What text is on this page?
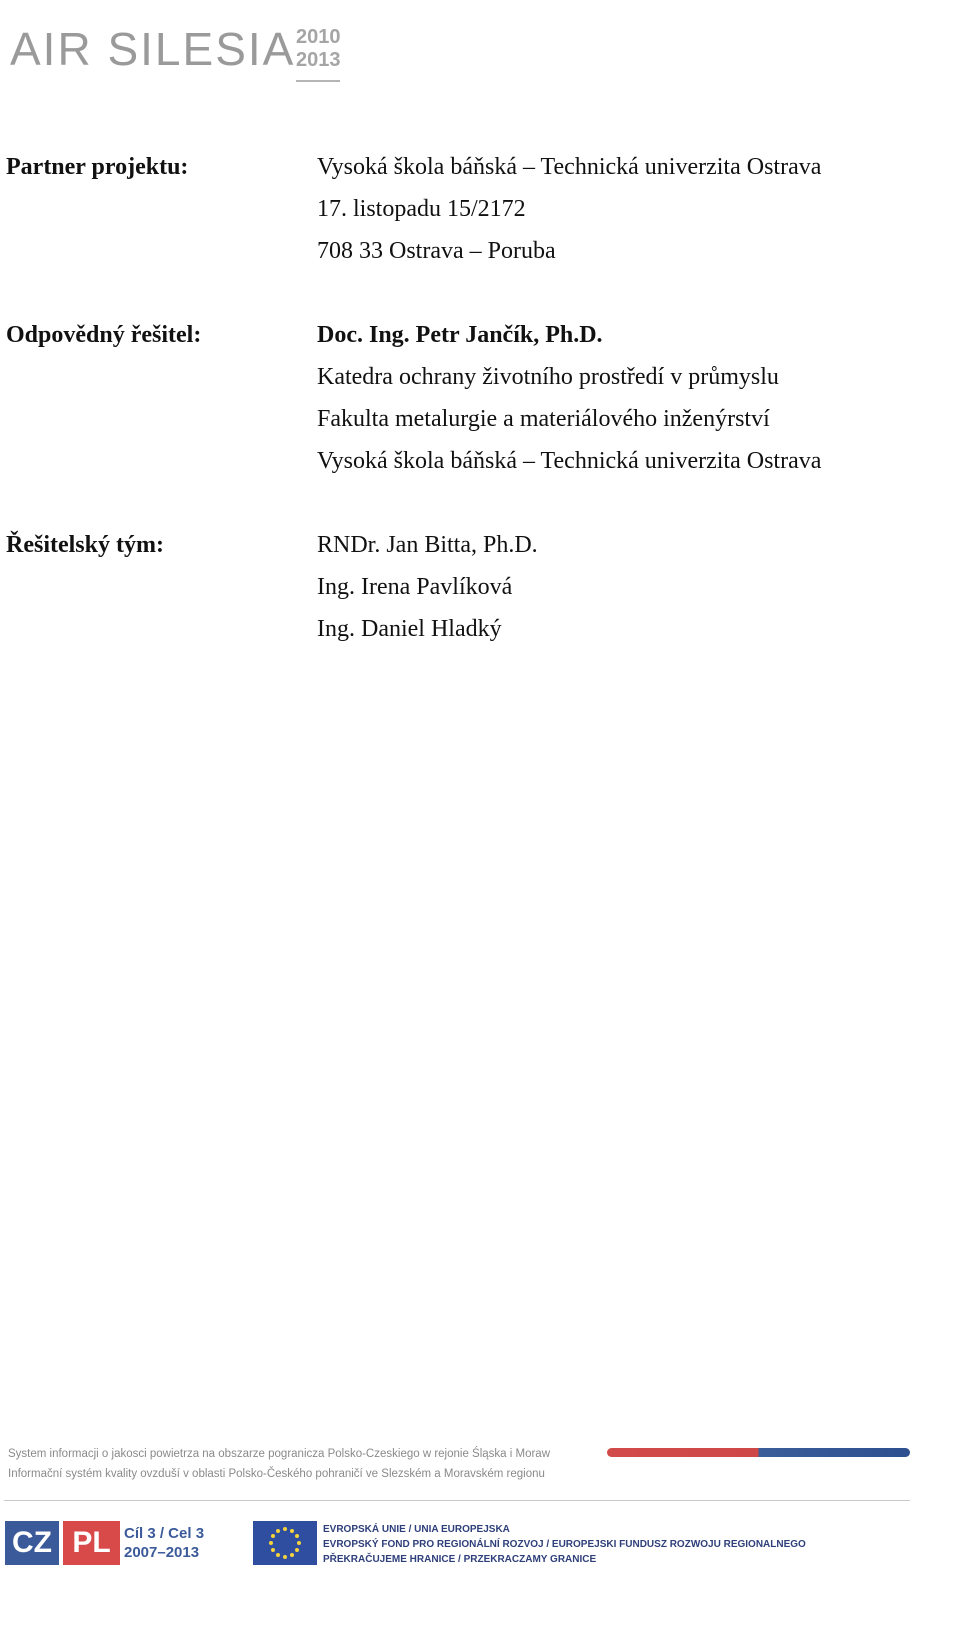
AIR SILESIA 2010
2013
Partner projektu:	Vysoká škola báňská – Technická univerzita Ostrava
17. listopadu 15/2172
708 33 Ostrava – Poruba
Odpovědný řešitel:	Doc. Ing. Petr Jančík, Ph.D.
Katedra ochrany životního prostředí v průmyslu
Fakulta metalurgie a materiálového inženýrství
Vysoká škola báňská – Technická univerzita Ostrava
Řešitelský tým:	RNDr. Jan Bitta, Ph.D.
Ing. Irena Pavlíková
Ing. Daniel Hladký
System informacji o jakosci powietrza na obszarze pogranicza Polsko-Czeskiego w rejonie Śląska i Moraw
Informační systém kvality ovzduší v oblasti Polsko-Českého pohraničí ve Slezském a Moravském regionu
CZ PL Cíl 3 / Cel 3
2007–2013
EVROPSKÁ UNIE / UNIA EUROPEJSKA
EVROPSKÝ FOND PRO REGIONÁLNÍ ROZVOJ / EUROPEJSKI FUNDUSZ ROZWOJU REGIONALNEGO
PŘEKRAČUJEME HRANICE / PRZEKRACZAMY GRANICE
